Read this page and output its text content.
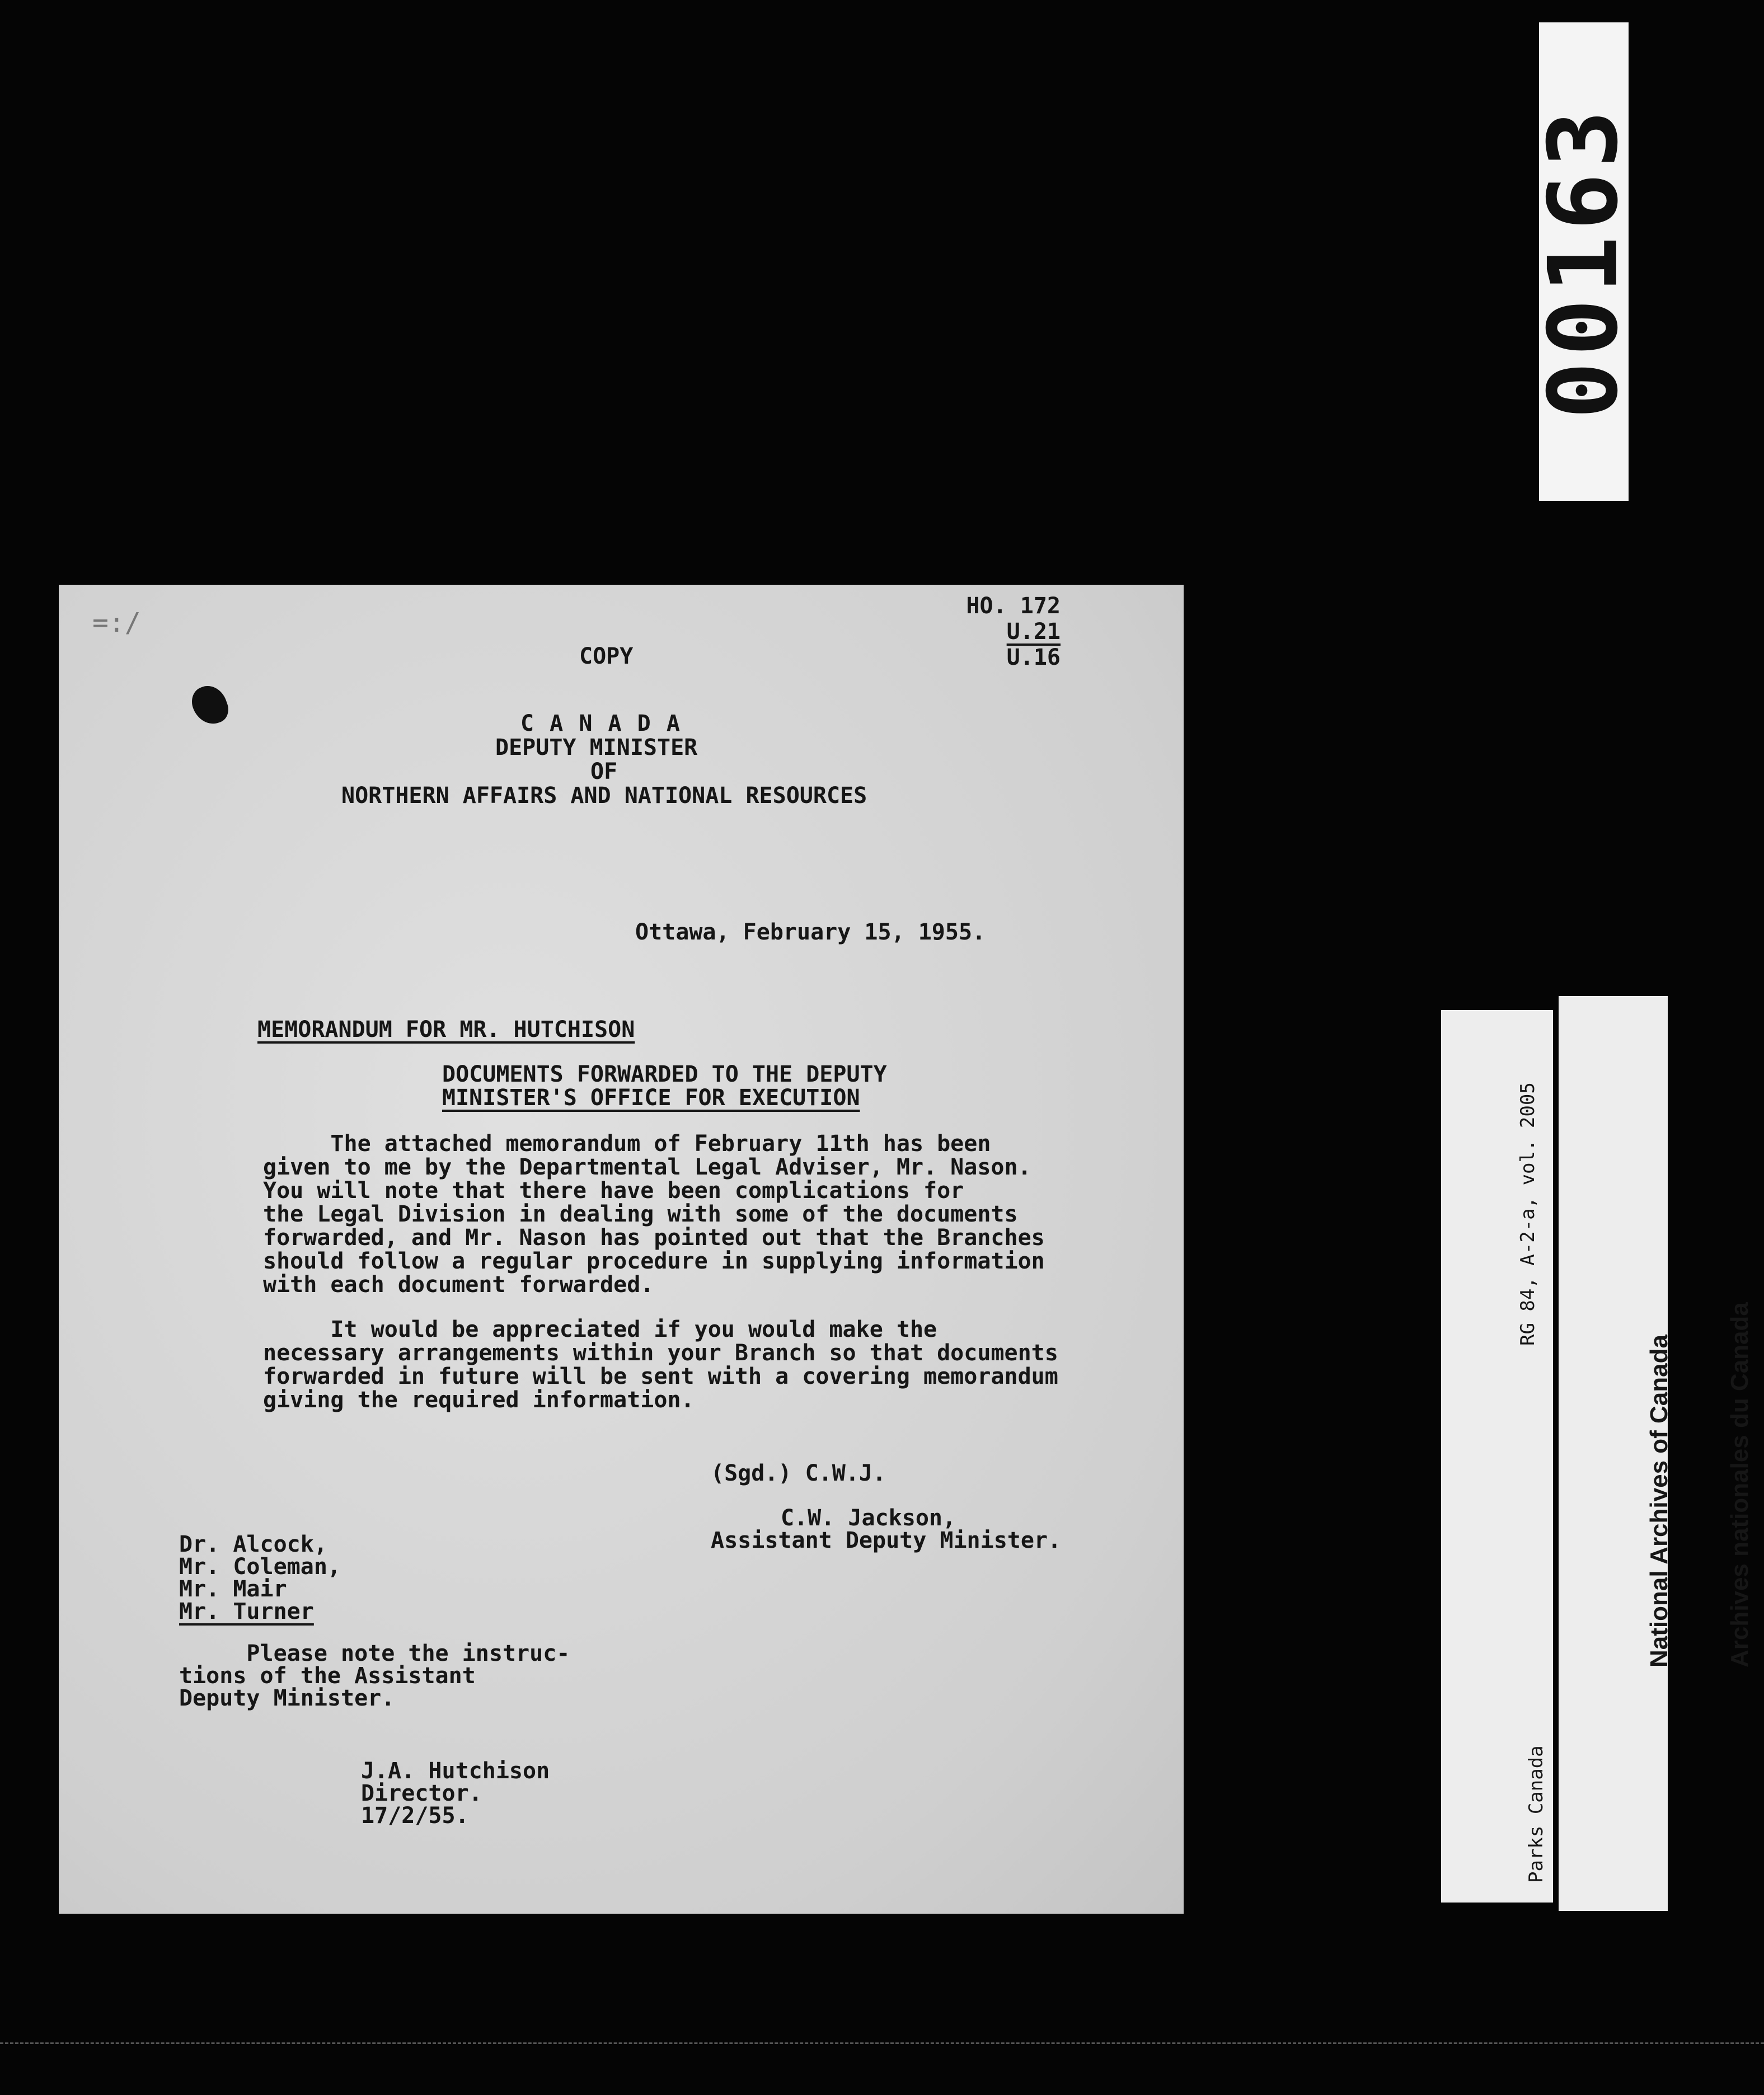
00163
=:/
HO. 172
U.21
U.16
COPY
C A N A D A
DEPUTY MINISTER
OF
NORTHERN AFFAIRS AND NATIONAL RESOURCES
Ottawa, February 15, 1955.
MEMORANDUM FOR MR. HUTCHISON
DOCUMENTS FORWARDED TO THE DEPUTY
MINISTER'S OFFICE FOR EXECUTION
The attached memorandum of February 11th has been
given to me by the Departmental Legal Adviser, Mr. Nason.
You will note that there have been complications for
the Legal Division in dealing with some of the documents
forwarded, and Mr. Nason has pointed out that the Branches
should follow a regular procedure in supplying information
with each document forwarded.
It would be appreciated if you would make the
necessary arrangements within your Branch so that documents
forwarded in future will be sent with a covering memorandum
giving the required information.
(Sgd.) C.W.J.
C.W. Jackson,
Assistant Deputy Minister.
Dr. Alcock,
Mr. Coleman,
Mr. Mair
Mr. Turner
Please note the instruc-
tions of the Assistant
Deputy Minister.
J.A. Hutchison
Director.
17/2/55.

RG 84, A-2-a, vol. 2005

Parks Canada

National Archives of Canada

Archives nationales du Canada
